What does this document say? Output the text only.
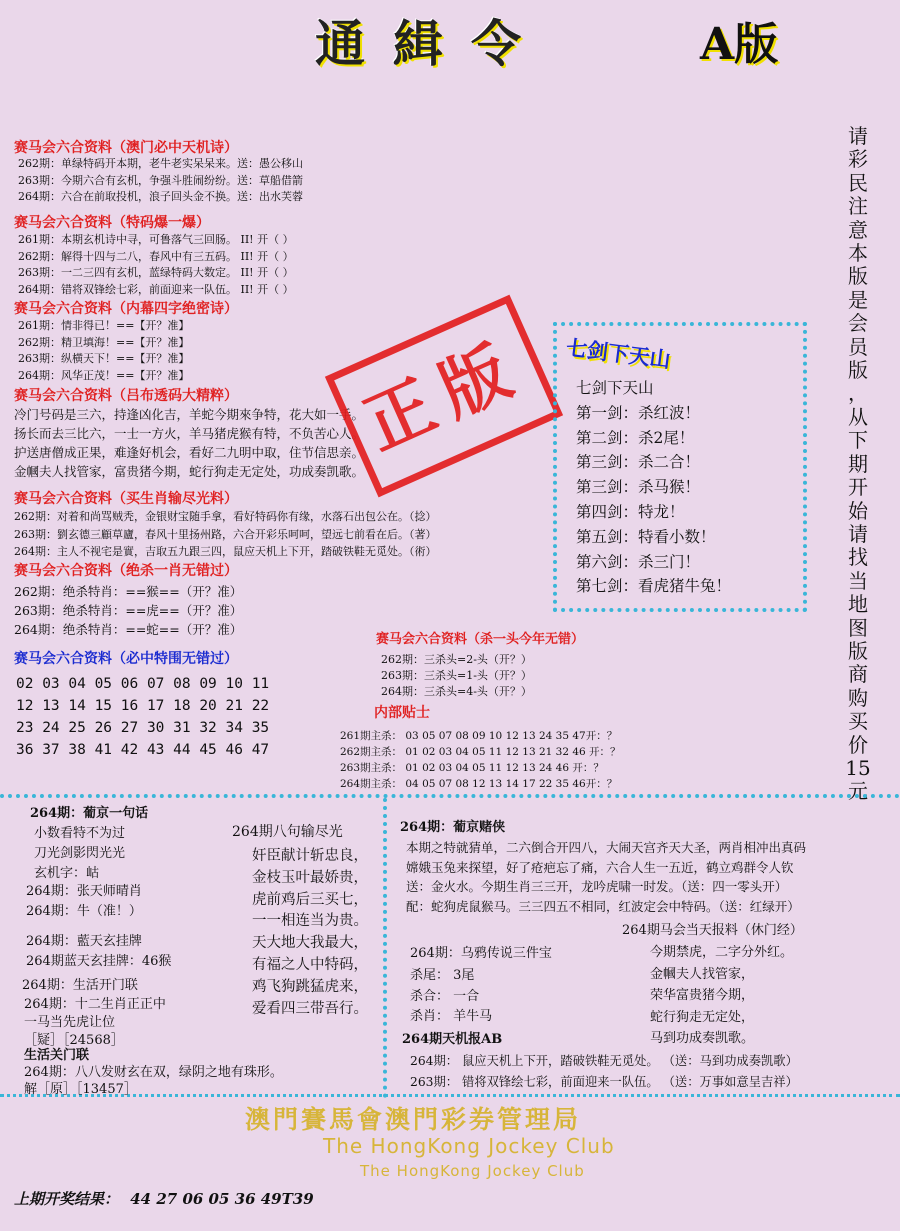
通緝令	A版
请
彩
民
注
意
本
版
是
会
员
版
，
从
下
期
开
始
请
找
当
地
图
版
商
购
买
价
15
元
赛马会六合资料（澳门必中天机诗）
262期：单绿特码开本期，老牛老实呆呆来。送：愚公移山
263期：今期六合有玄机，争强斗胜闹纷纷。送：草船借箭
264期：六合在前取投机，浪子回头金不换。送：出水芙蓉
赛马会六合资料（特码爆一爆）
261期：本期玄机诗中寻，可鲁落气三回肠。 II! 开（ ）
262期：解得十四与二八，春风中有三五码。 II! 开（ ）
263期：一二三四有玄机，蓝绿特码大数定。 II! 开（ ）
264期：错将双锋绘七彩，前面迎来一队伍。 II! 开（ ）
赛马会六合资料（内幕四字绝密诗）
261期：情非得已！==【开？准】
262期：精卫填海！==【开？准】
263期：纵横天下！==【开？准】
264期：风华正茂！==【开？准】
赛马会六合资料（吕布透码大精粹）
冷门号码是三六，持逢凶化吉，羊蛇今期來争特，花大如一手。
扬长而去三比六，一士一方火，羊马猪虎猴有特，不负苦心人。
护送唐僧成正果，难逢好机会，看好二九明中取，住节信思亲。
金幗夫人找管家，富贵猪今期，蛇行狗走无定处，功成奏凯歌。
赛马会六合资料（买生肖输尽光料）
262期：对着和尚骂贼秃，金银财宝随手拿，看好特码你有缘，水落石出包公在。（捻）
263期：劉玄德三顧草廬，春风十里扬州路，六合开彩乐呵呵，望远七前看在后。（著）
264期：主人不视宅是實，吉取五九跟三四，鼠应天机上下开，踏破铁鞋无觅处。（術）
赛马会六合资料（绝杀一肖无错过）
262期：绝杀特肖：==猴==（开？准）
263期：绝杀特肖：==虎==（开？准）
264期：绝杀特肖：==蛇==（开？准）
赛马会六合资料（必中特围无错过）
02 03 04 05 06 07 08 09 10 11
12 13 14 15 16 17 18 20 21 22
23 24 25 26 27 30 31 32 34 35
36 37 38 41 42 43 44 45 46 47
赛马会六合资料（杀一头今年无错）
262期：三杀头=2-头（开？）
263期：三杀头=1-头（开？）
264期：三杀头=4-头（开？）
内部贴士
261期主杀： 03 05 07 08 09 10 12 13 24 35 47开：？
262期主杀： 01 02 03 04 05 11 12 13 21 32 46 开：？
263期主杀： 01 02 03 04 05 11 12 13 24 46 开：？
264期主杀： 04 05 07 08 12 13 14 17 22 35 46开：？
正版	七剑下天山
七剑下天山
第一剑：杀红波！
第二剑：杀2尾！
第三剑：杀二合！
第三剑：杀马猴！
第四剑：特龙！
第五剑：特看小数！
第六剑：杀三门！
第七剑：看虎猪牛兔！
264期：葡京一句话
小数看特不为过
刀光剑影閃光光
玄机字：岵
264期：张天师晴肖
264期：牛（准！）
264期：藍天玄挂牌
264期蓝天玄挂牌：46猴
264期：生活开门联
264期：十二生肖正正中
一马当先虎让位
［疑］［24568］
生活关门联
264期：八八发财玄在双，绿阴之地有珠形。
解［原］［13457］
264期八句输尽光
奸臣献计斩忠良，
金枝玉叶最娇贵，
虎前鸡后三买七，
一一相连当为贵。
天大地大我最大，
有福之人中特码，
鸡飞狗跳猛虎来，
爱看四三带吾行。
264期：葡京赌侠
本期之特就猜单，二六倒合开四八，大闹天宫齐天大圣，两肖相冲出真码
嫦娥玉兔来探望，好了疮疤忘了痛，六合人生一五近，鹤立鸡群令人钦
送：金火水。今期生肖三三开，龙吟虎啸一时发。（送：四一零头开）
配：蛇狗虎鼠猴马。三三四五不相同，红波定会中特码。（送：红绿开）
264期：乌鸦传说三件宝
杀尾： 3尾
杀合： 一合
杀肖： 羊牛马
264期马会当天报料（休门经）
今期禁虎，二字分外红。
金幗夫人找管家，
荣华富贵猪今期，
蛇行狗走无定处，
马到功成奏凯歌。
264期天机报AB
264期： 鼠应天机上下开，踏破铁鞋无觅处。 （送：马到功成奏凯歌）
263期： 错将双锋绘七彩，前面迎来一队伍。 （送：万事如意呈吉祥）
澳門賽馬會澳門彩券管理局
The HongKong Jockey Club
The HongKong Jockey Club
上期开奖结果： 44 27 06 05 36 49T39
